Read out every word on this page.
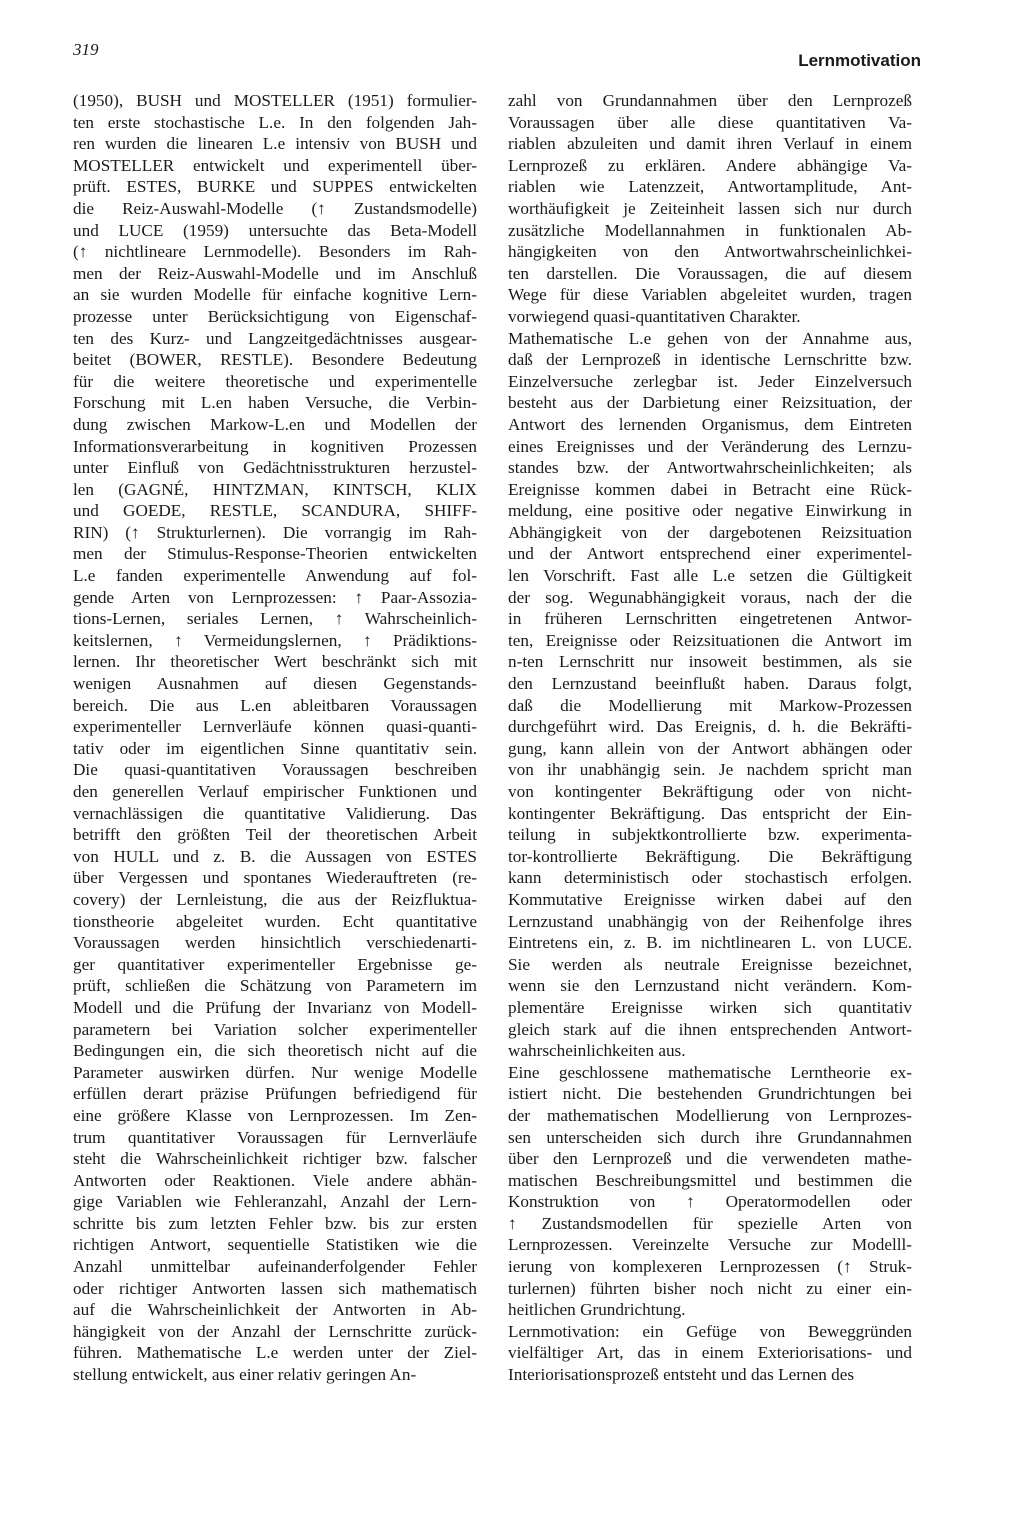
319
Lernmotivation
(1950), BUSH und MOSTELLER (1951) formulier-
ten erste stochastische L.e. In den folgenden Jah-
ren wurden die linearen L.e intensiv von BUSH und
MOSTELLER entwickelt und experimentell über-
prüft. ESTES, BURKE und SUPPES entwickelten
die Reiz-Auswahl-Modelle (↑ Zustandsmodelle)
und LUCE (1959) untersuchte das Beta-Modell
(↑ nichtlineare Lernmodelle). Besonders im Rah-
men der Reiz-Auswahl-Modelle und im Anschluß
an sie wurden Modelle für einfache kognitive Lern-
prozesse unter Berücksichtigung von Eigenschaf-
ten des Kurz- und Langzeitgedächtnisses ausgear-
beitet (BOWER, RESTLE). Besondere Bedeutung
für die weitere theoretische und experimentelle
Forschung mit L.en haben Versuche, die Verbin-
dung zwischen Markow-L.en und Modellen der
Informationsverarbeitung in kognitiven Prozessen
unter Einfluß von Gedächtnisstrukturen herzustel-
len (GAGNÉ, HINTZMAN, KINTSCH, KLIX
und GOEDE, RESTLE, SCANDURA, SHIFF-
RIN) (↑ Strukturlernen). Die vorrangig im Rah-
men der Stimulus-Response-Theorien entwickelten
L.e fanden experimentelle Anwendung auf fol-
gende Arten von Lernprozessen: ↑ Paar-Assozia-
tions-Lernen, seriales Lernen, ↑ Wahrscheinlich-
keitslernen, ↑ Vermeidungslernen, ↑ Prädiktions-
lernen. Ihr theoretischer Wert beschränkt sich mit
wenigen Ausnahmen auf diesen Gegenstands-
bereich. Die aus L.en ableitbaren Voraussagen
experimenteller Lernverläufe können quasi-quanti-
tativ oder im eigentlichen Sinne quantitativ sein.
Die quasi-quantitativen Voraussagen beschreiben
den generellen Verlauf empirischer Funktionen und
vernachlässigen die quantitative Validierung. Das
betrifft den größten Teil der theoretischen Arbeit
von HULL und z. B. die Aussagen von ESTES
über Vergessen und spontanes Wiederauftreten (re-
covery) der Lernleistung, die aus der Reizfluktua-
tionstheorie abgeleitet wurden. Echt quantitative
Voraussagen werden hinsichtlich verschiedenarti-
ger quantitativer experimenteller Ergebnisse ge-
prüft, schließen die Schätzung von Parametern im
Modell und die Prüfung der Invarianz von Modell-
parametern bei Variation solcher experimenteller
Bedingungen ein, die sich theoretisch nicht auf die
Parameter auswirken dürfen. Nur wenige Modelle
erfüllen derart präzise Prüfungen befriedigend für
eine größere Klasse von Lernprozessen. Im Zen-
trum quantitativer Voraussagen für Lernverläufe
steht die Wahrscheinlichkeit richtiger bzw. falscher
Antworten oder Reaktionen. Viele andere abhän-
gige Variablen wie Fehleranzahl, Anzahl der Lern-
schritte bis zum letzten Fehler bzw. bis zur ersten
richtigen Antwort, sequentielle Statistiken wie die
Anzahl unmittelbar aufeinanderfolgender Fehler
oder richtiger Antworten lassen sich mathematisch
auf die Wahrscheinlichkeit der Antworten in Ab-
hängigkeit von der Anzahl der Lernschritte zurück-
führen. Mathematische L.e werden unter der Ziel-
stellung entwickelt, aus einer relativ geringen An-
zahl von Grundannahmen über den Lernprozeß
Voraussagen über alle diese quantitativen Va-
riablen abzuleiten und damit ihren Verlauf in einem
Lernprozeß zu erklären. Andere abhängige Va-
riablen wie Latenzzeit, Antwortamplitude, Ant-
worthäufigkeit je Zeiteinheit lassen sich nur durch
zusätzliche Modellannahmen in funktionalen Ab-
hängigkeiten von den Antwortwahrscheinlichkei-
ten darstellen. Die Voraussagen, die auf diesem
Wege für diese Variablen abgeleitet wurden, tragen
vorwiegend quasi-quantitativen Charakter.
Mathematische L.e gehen von der Annahme aus,
daß der Lernprozeß in identische Lernschritte bzw.
Einzelversuche zerlegbar ist. Jeder Einzelversuch
besteht aus der Darbietung einer Reizsituation, der
Antwort des lernenden Organismus, dem Eintreten
eines Ereignisses und der Veränderung des Lernzu-
standes bzw. der Antwortwahrscheinlichkeiten; als
Ereignisse kommen dabei in Betracht eine Rück-
meldung, eine positive oder negative Einwirkung in
Abhängigkeit von der dargebotenen Reizsituation
und der Antwort entsprechend einer experimentel-
len Vorschrift. Fast alle L.e setzen die Gültigkeit
der sog. Wegunabhängigkeit voraus, nach der die
in früheren Lernschritten eingetretenen Antwor-
ten, Ereignisse oder Reizsituationen die Antwort im
n-ten Lernschritt nur insoweit bestimmen, als sie
den Lernzustand beeinflußt haben. Daraus folgt,
daß die Modellierung mit Markow-Prozessen
durchgeführt wird. Das Ereignis, d. h. die Bekräfti-
gung, kann allein von der Antwort abhängen oder
von ihr unabhängig sein. Je nachdem spricht man
von kontingenter Bekräftigung oder von nicht-
kontingenter Bekräftigung. Das entspricht der Ein-
teilung in subjektkontrollierte bzw. experimenta-
tor-kontrollierte Bekräftigung. Die Bekräftigung
kann deterministisch oder stochastisch erfolgen.
Kommutative Ereignisse wirken dabei auf den
Lernzustand unabhängig von der Reihenfolge ihres
Eintretens ein, z. B. im nichtlinearen L. von LUCE.
Sie werden als neutrale Ereignisse bezeichnet,
wenn sie den Lernzustand nicht verändern. Kom-
plementäre Ereignisse wirken sich quantitativ
gleich stark auf die ihnen entsprechenden Antwort-
wahrscheinlichkeiten aus.
Eine geschlossene mathematische Lerntheorie ex-
istiert nicht. Die bestehenden Grundrichtungen bei
der mathematischen Modellierung von Lernprozes-
sen unterscheiden sich durch ihre Grundannahmen
über den Lernprozeß und die verwendeten mathe-
matischen Beschreibungsmittel und bestimmen die
Konstruktion von ↑ Operatormodellen oder
↑ Zustandsmodellen für spezielle Arten von
Lernprozessen. Vereinzelte Versuche zur Modelll-
ierung von komplexeren Lernprozessen (↑ Struk-
turlernen) führten bisher noch nicht zu einer ein-
heitlichen Grundrichtung.
Lernmotivation: ein Gefüge von Beweggründen
vielfältiger Art, das in einem Exteriorisations- und
Interiorisationsprozeß entsteht und das Lernen des
